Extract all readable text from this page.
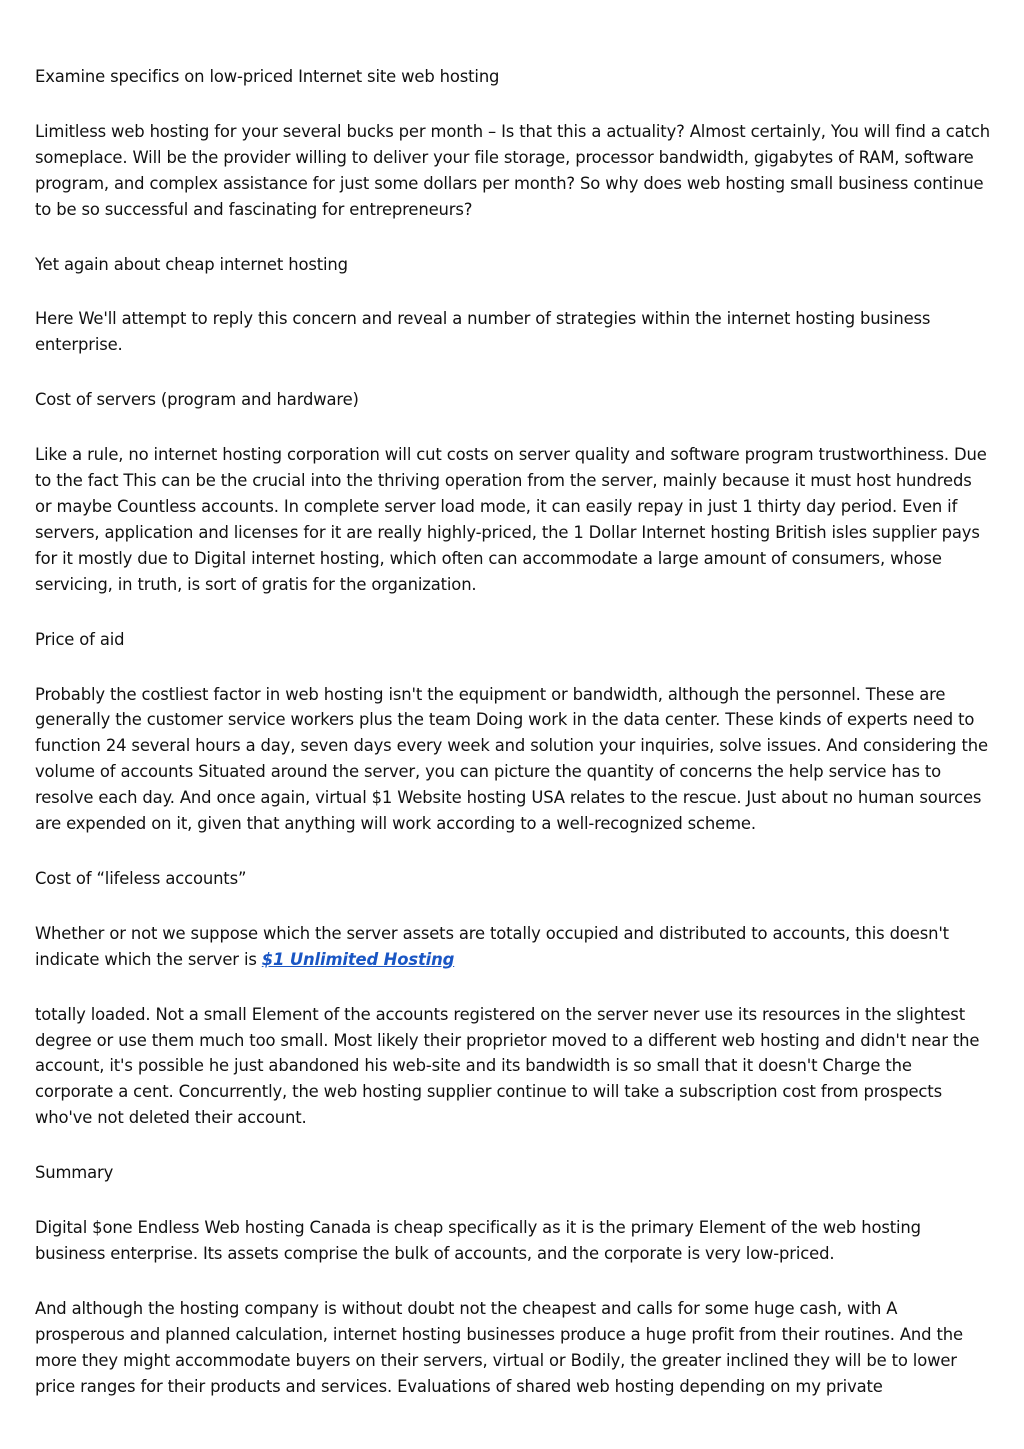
Examine specifics on low-priced Internet site web hosting

Limitless web hosting for your several bucks per month – Is that this a actuality? Almost certainly, You will find a catch someplace. Will be the provider willing to deliver your file storage, processor bandwidth, gigabytes of RAM, software program, and complex assistance for just some dollars per month? So why does web hosting small business continue to be so successful and fascinating for entrepreneurs?

Yet again about cheap internet hosting

Here We'll attempt to reply this concern and reveal a number of strategies within the internet hosting business enterprise.

Cost of servers (program and hardware)

Like a rule, no internet hosting corporation will cut costs on server quality and software program trustworthiness. Due to the fact This can be the crucial into the thriving operation from the server, mainly because it must host hundreds or maybe Countless accounts. In complete server load mode, it can easily repay in just 1 thirty day period. Even if servers, application and licenses for it are really highly-priced, the 1 Dollar Internet hosting British isles supplier pays for it mostly due to Digital internet hosting, which often can accommodate a large amount of consumers, whose servicing, in truth, is sort of gratis for the organization.

Price of aid

Probably the costliest factor in web hosting isn't the equipment or bandwidth, although the personnel. These are generally the customer service workers plus the team Doing work in the data center. These kinds of experts need to function 24 several hours a day, seven days every week and solution your inquiries, solve issues. And considering the volume of accounts Situated around the server, you can picture the quantity of concerns the help service has to resolve each day. And once again, virtual $1 Website hosting USA relates to the rescue. Just about no human sources are expended on it, given that anything will work according to a well-recognized scheme.

Cost of “lifeless accounts”

Whether or not we suppose which the server assets are totally occupied and distributed to accounts, this doesn't indicate which the server is $1 Unlimited Hosting

totally loaded. Not a small Element of the accounts registered on the server never use its resources in the slightest degree or use them much too small. Most likely their proprietor moved to a different web hosting and didn't near the account, it's possible he just abandoned his web-site and its bandwidth is so small that it doesn't Charge the corporate a cent. Concurrently, the web hosting supplier continue to will take a subscription cost from prospects who've not deleted their account.

Summary

Digital $one Endless Web hosting Canada is cheap specifically as it is the primary Element of the web hosting business enterprise. Its assets comprise the bulk of accounts, and the corporate is very low-priced.

And although the hosting company is without doubt not the cheapest and calls for some huge cash, with A prosperous and planned calculation, internet hosting businesses produce a huge profit from their routines. And the more they might accommodate buyers on their servers, virtual or Bodily, the greater inclined they will be to lower price ranges for their products and services. Evaluations of shared web hosting depending on my private
